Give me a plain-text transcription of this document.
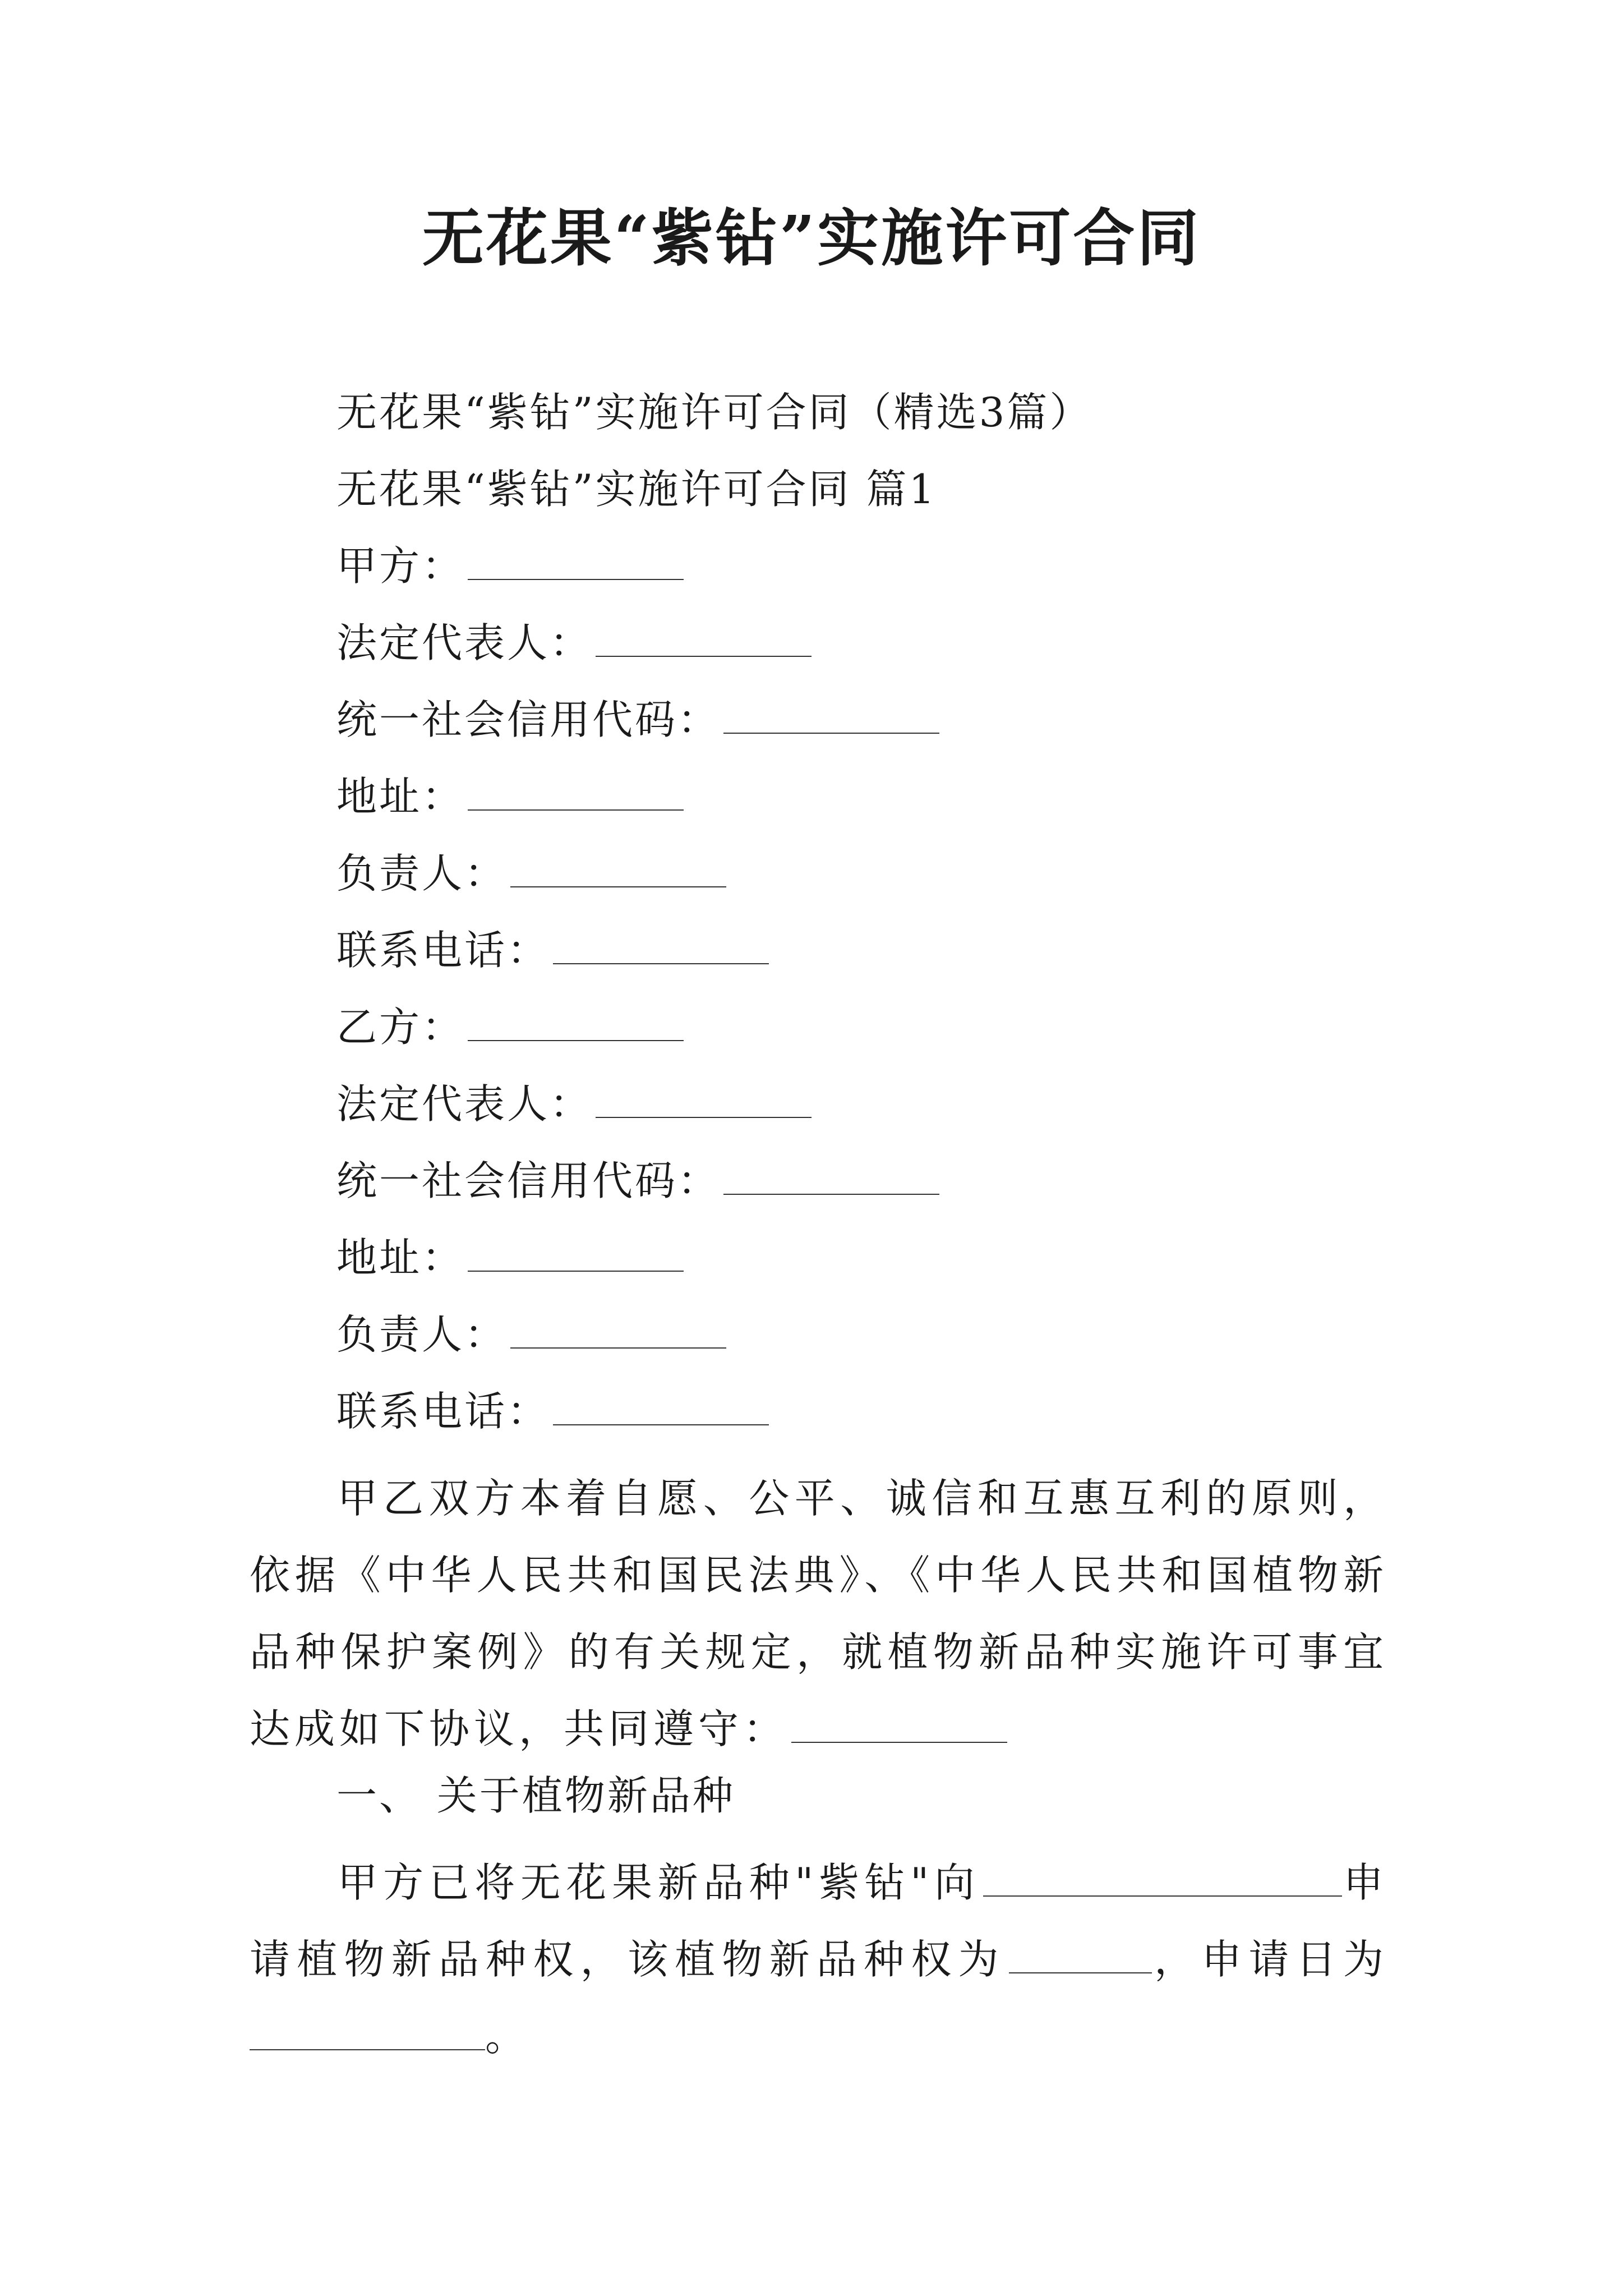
无花果“紫钻”实施许可合同
无花果“紫钻”实施许可合同（精选3篇）
无花果“紫钻”实施许可合同 篇1
甲方：
法定代表人：
统一社会信用代码：
地址：
负责人：
联系电话：
乙方：
法定代表人：
统一社会信用代码：
地址：
负责人：
联系电话：
甲乙双方本着自愿、公平、诚信和互惠互利的原则，依据《中华人民共和国民法典》、《中华人民共和国植物新品种保护案例》的有关规定，就植物新品种实施许可事宜达成如下协议，共同遵守：
一、 关于植物新品种
甲方已将无花果新品种"紫钻"向	申请植物新品种权，该植物新品种权为	，申请日为。
